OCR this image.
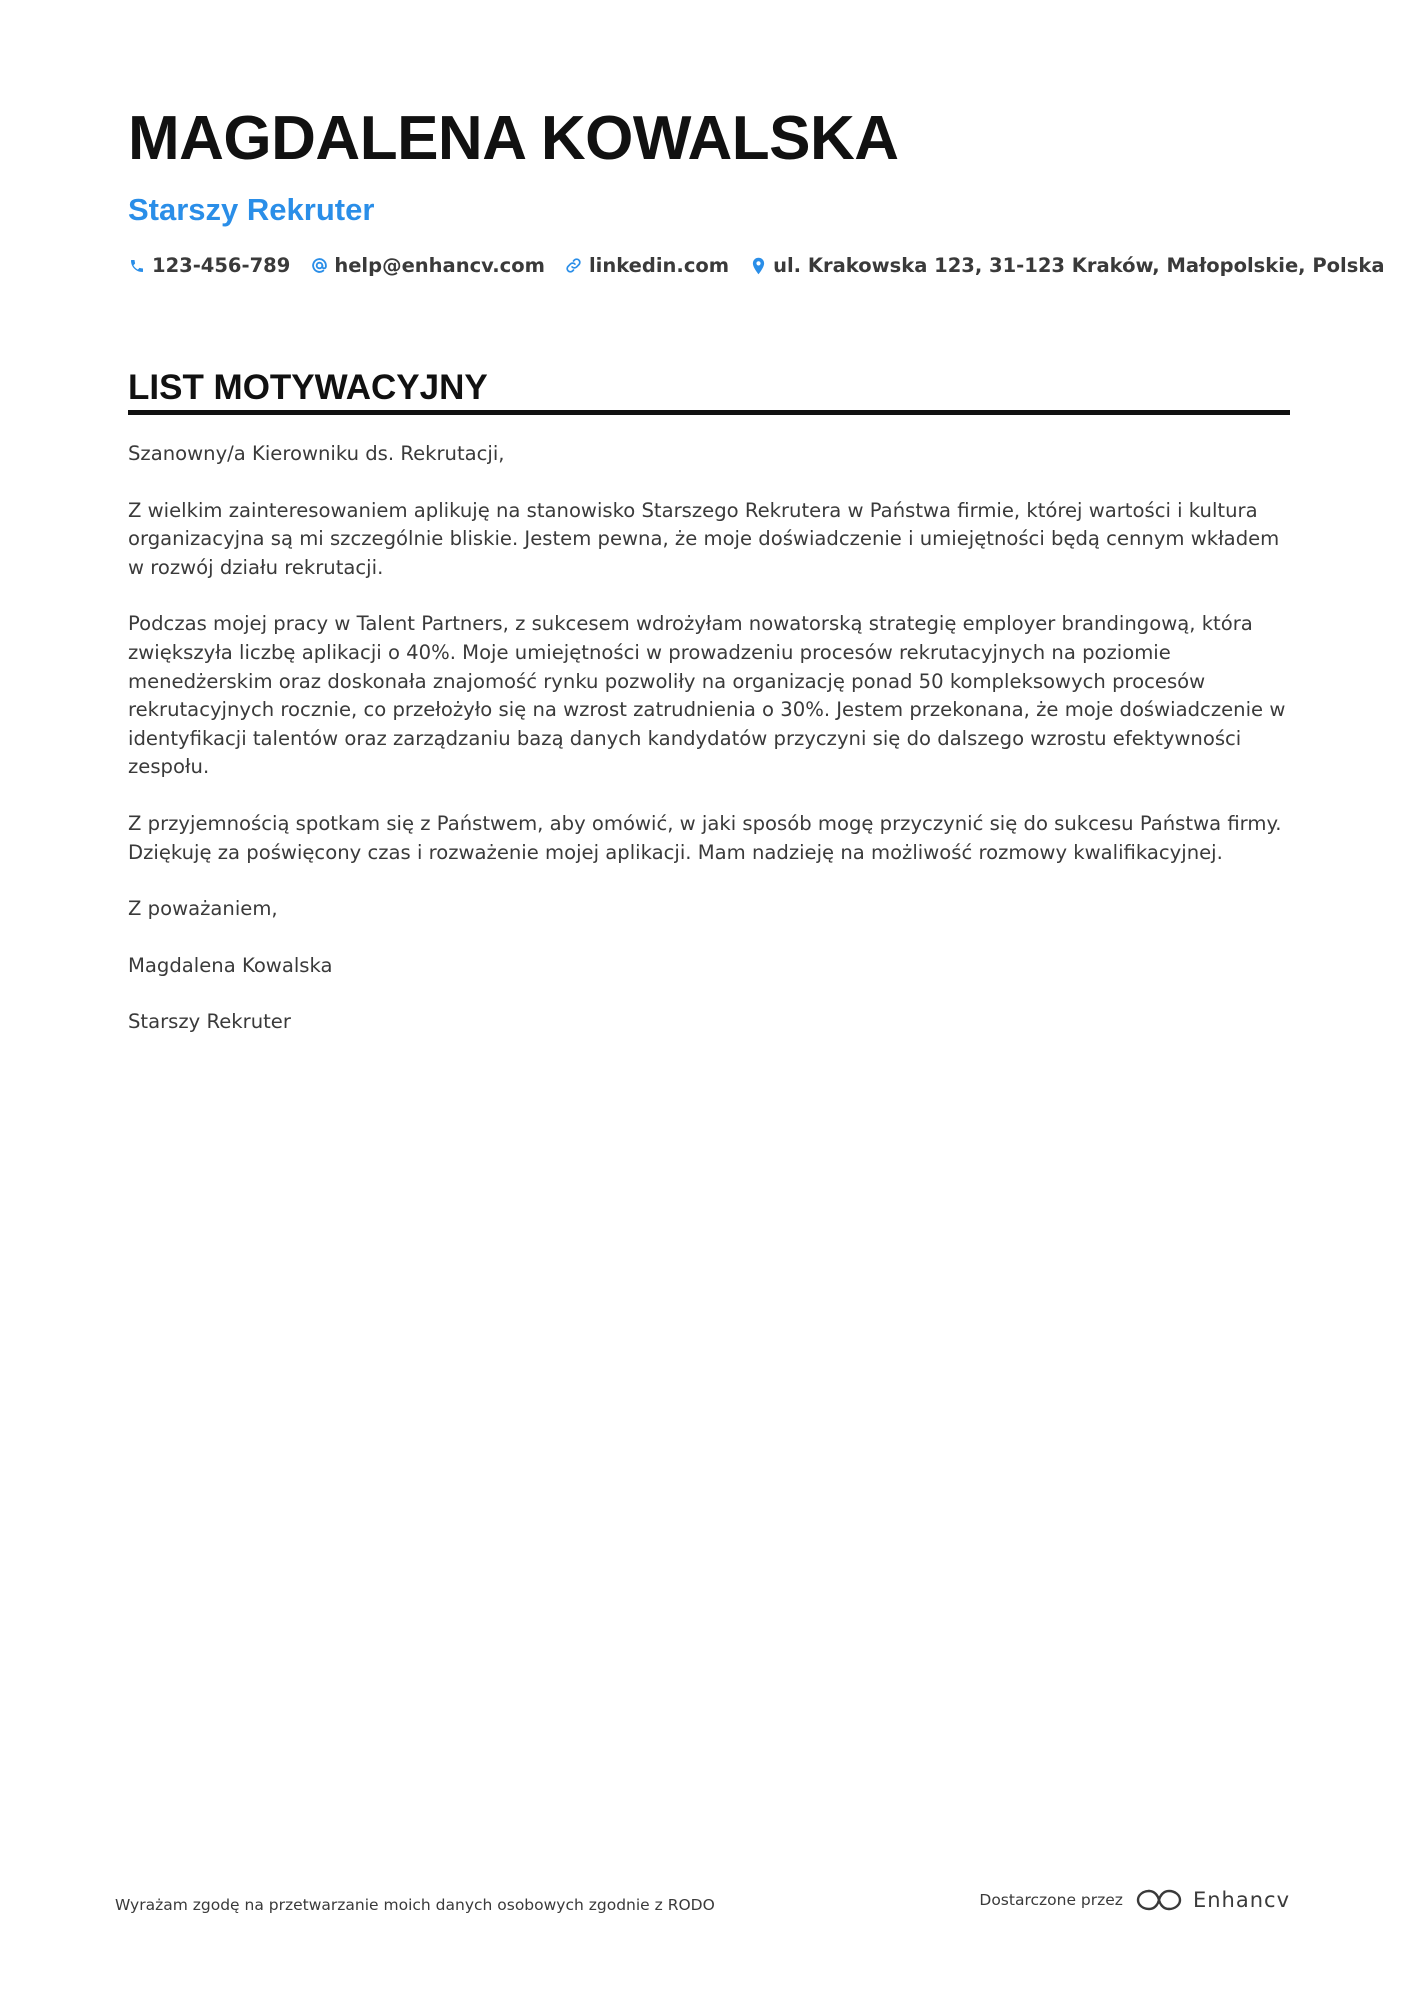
MAGDALENA KOWALSKA
Starszy Rekruter
123-456-789 help@enhancv.com linkedin.com ul. Krakowska 123, 31-123 Kraków, Małopolskie, Polska
LIST MOTYWACYJNY

Szanowny/a Kierowniku ds. Rekrutacji,

Z wielkim zainteresowaniem aplikuję na stanowisko Starszego Rekrutera w Państwa firmie, której wartości i kultura organizacyjna są mi szczególnie bliskie. Jestem pewna, że moje doświadczenie i umiejętności będą cennym wkładem w rozwój działu rekrutacji.

Podczas mojej pracy w Talent Partners, z sukcesem wdrożyłam nowatorską strategię employer brandingową, która zwiększyła liczbę aplikacji o 40%. Moje umiejętności w prowadzeniu procesów rekrutacyjnych na poziomie menedżerskim oraz doskonała znajomość rynku pozwoliły na organizację ponad 50 kompleksowych procesów rekrutacyjnych rocznie, co przełożyło się na wzrost zatrudnienia o 30%. Jestem przekonana, że moje doświadczenie w identyfikacji talentów oraz zarządzaniu bazą danych kandydatów przyczyni się do dalszego wzrostu efektywności zespołu.

Z przyjemnością spotkam się z Państwem, aby omówić, w jaki sposób mogę przyczynić się do sukcesu Państwa firmy. Dziękuję za poświęcony czas i rozważenie mojej aplikacji. Mam nadzieję na możliwość rozmowy kwalifikacyjnej.

Z poważaniem,

Magdalena Kowalska

Starszy Rekruter

Wyrażam zgodę na przetwarzanie moich danych osobowych zgodnie z RODO	Dostarczone przez	Enhancv
